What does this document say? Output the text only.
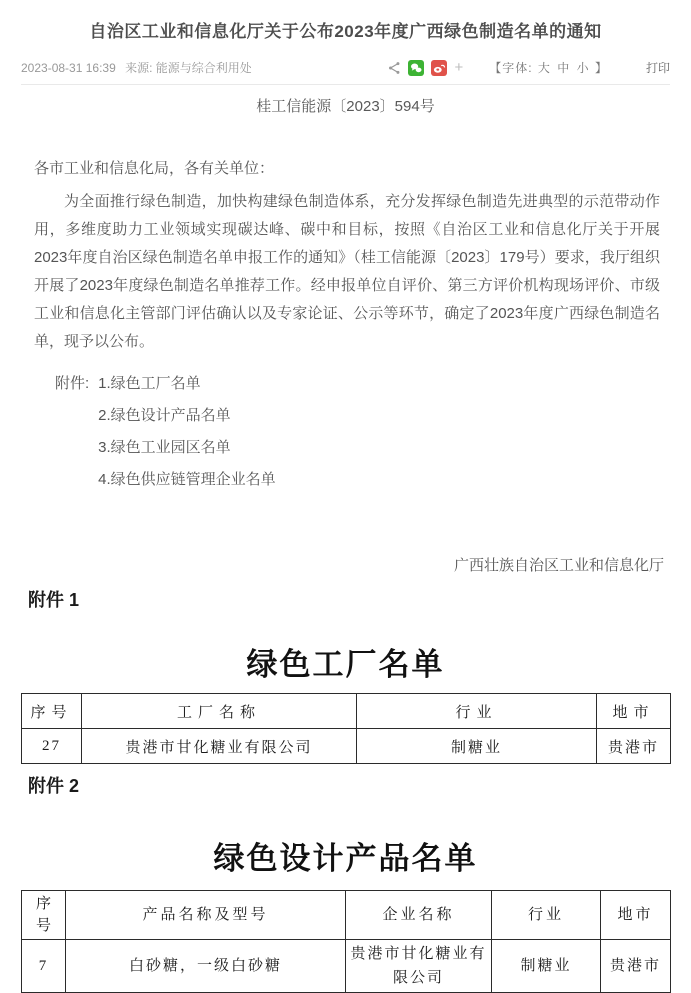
自治区工业和信息化厅关于公布2023年度广西绿色制造名单的通知
2023-08-31 16:39 来源: 能源与综合利用处	+ 【字体: 大 中 小 】	打印
桂工信能源〔2023〕594号

各市工业和信息化局，各有关单位：

为全面推行绿色制造，加快构建绿色制造体系，充分发挥绿色制造先进典型的示范带动作用，多维度助力工业领域实现碳达峰、碳中和目标，按照《自治区工业和信息化厅关于开展2023年度自治区绿色制造名单申报工作的通知》（桂工信能源〔2023〕179号）要求，我厅组织开展了2023年度绿色制造名单推荐工作。经申报单位自评价、第三方评价机构现场评价、市级工业和信息化主管部门评估确认以及专家论证、公示等环节，确定了2023年度广西绿色制造名单，现予以公布。

附件: 1.绿色工厂名单
2.绿色设计产品名单
3.绿色工业园区名单
4.绿色供应链管理企业名单
广西壮族自治区工业和信息化厅
附件 1
绿色工厂名单
序号	工厂名称	行业	地市
27	贵港市甘化糖业有限公司	制糖业	贵港市
附件 2
绿色设计产品名单
序号	产品名称及型号	企业名称	行业	地市
7	白砂糖，一级白砂糖	贵港市甘化糖业有限公司	制糖业	贵港市
